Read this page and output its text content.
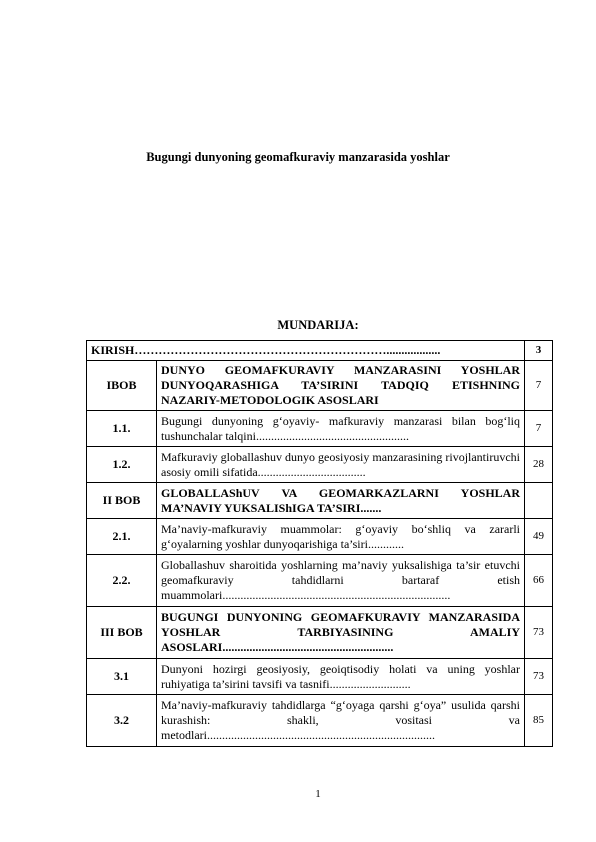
Bugungi dunyoning geomafkuraviy manzarasida yoshlar
MUNDARIJA:
KIRISH………………………………………………………..................		3
IBOB	DUNYO GEOMAFKURAVIY MANZARASINI YOSHLAR DUNYOQARASHIGA TA’SIRINI TADQIQ ETISHNING NAZARIY-METODOLOGIK ASOSLARI	7
1.1.	Bugungi dunyoning g‘oyaviy- mafkuraviy manzarasi bilan bog‘liq tushunchalar talqini...................................................	7
1.2.	Mafkuraviy globallashuv dunyo geosiyosiy manzarasining rivojlantiruvchi asosiy omili sifatida....................................	28
II BOB	GLOBALLAShUV VA GEOMARKAZLARNI YOSHLAR MA’NAVIY YUKSALIShIGA TA’SIRI.......	
2.1.	Ma’naviy-mafkuraviy muammolar: g‘oyaviy bo‘shliq va zararli g‘oyalarning yoshlar dunyoqarishiga ta’siri............	49
2.2.	Globallashuv sharoitida yoshlarning ma’naviy yuksalishiga ta’sir etuvchi geomafkuraviy tahdidlarni bartaraf etish muammolari............................................................................	66
III BOB	BUGUNGI DUNYONING GEOMAFKURAVIY MANZARASIDA YOSHLAR TARBIYASINING AMALIY ASOSLARI.........................................................	73
3.1	Dunyoni hozirgi geosiyosiy, geoiqtisodiy holati va uning yoshlar ruhiyatiga ta’sirini tavsifi va tasnifi...........................	73
3.2	Ma’naviy-mafkuraviy tahdidlarga “g‘oyaga qarshi g‘oya” usulida qarshi kurashish: shakli, vositasi va metodlari............................................................................	85
1
